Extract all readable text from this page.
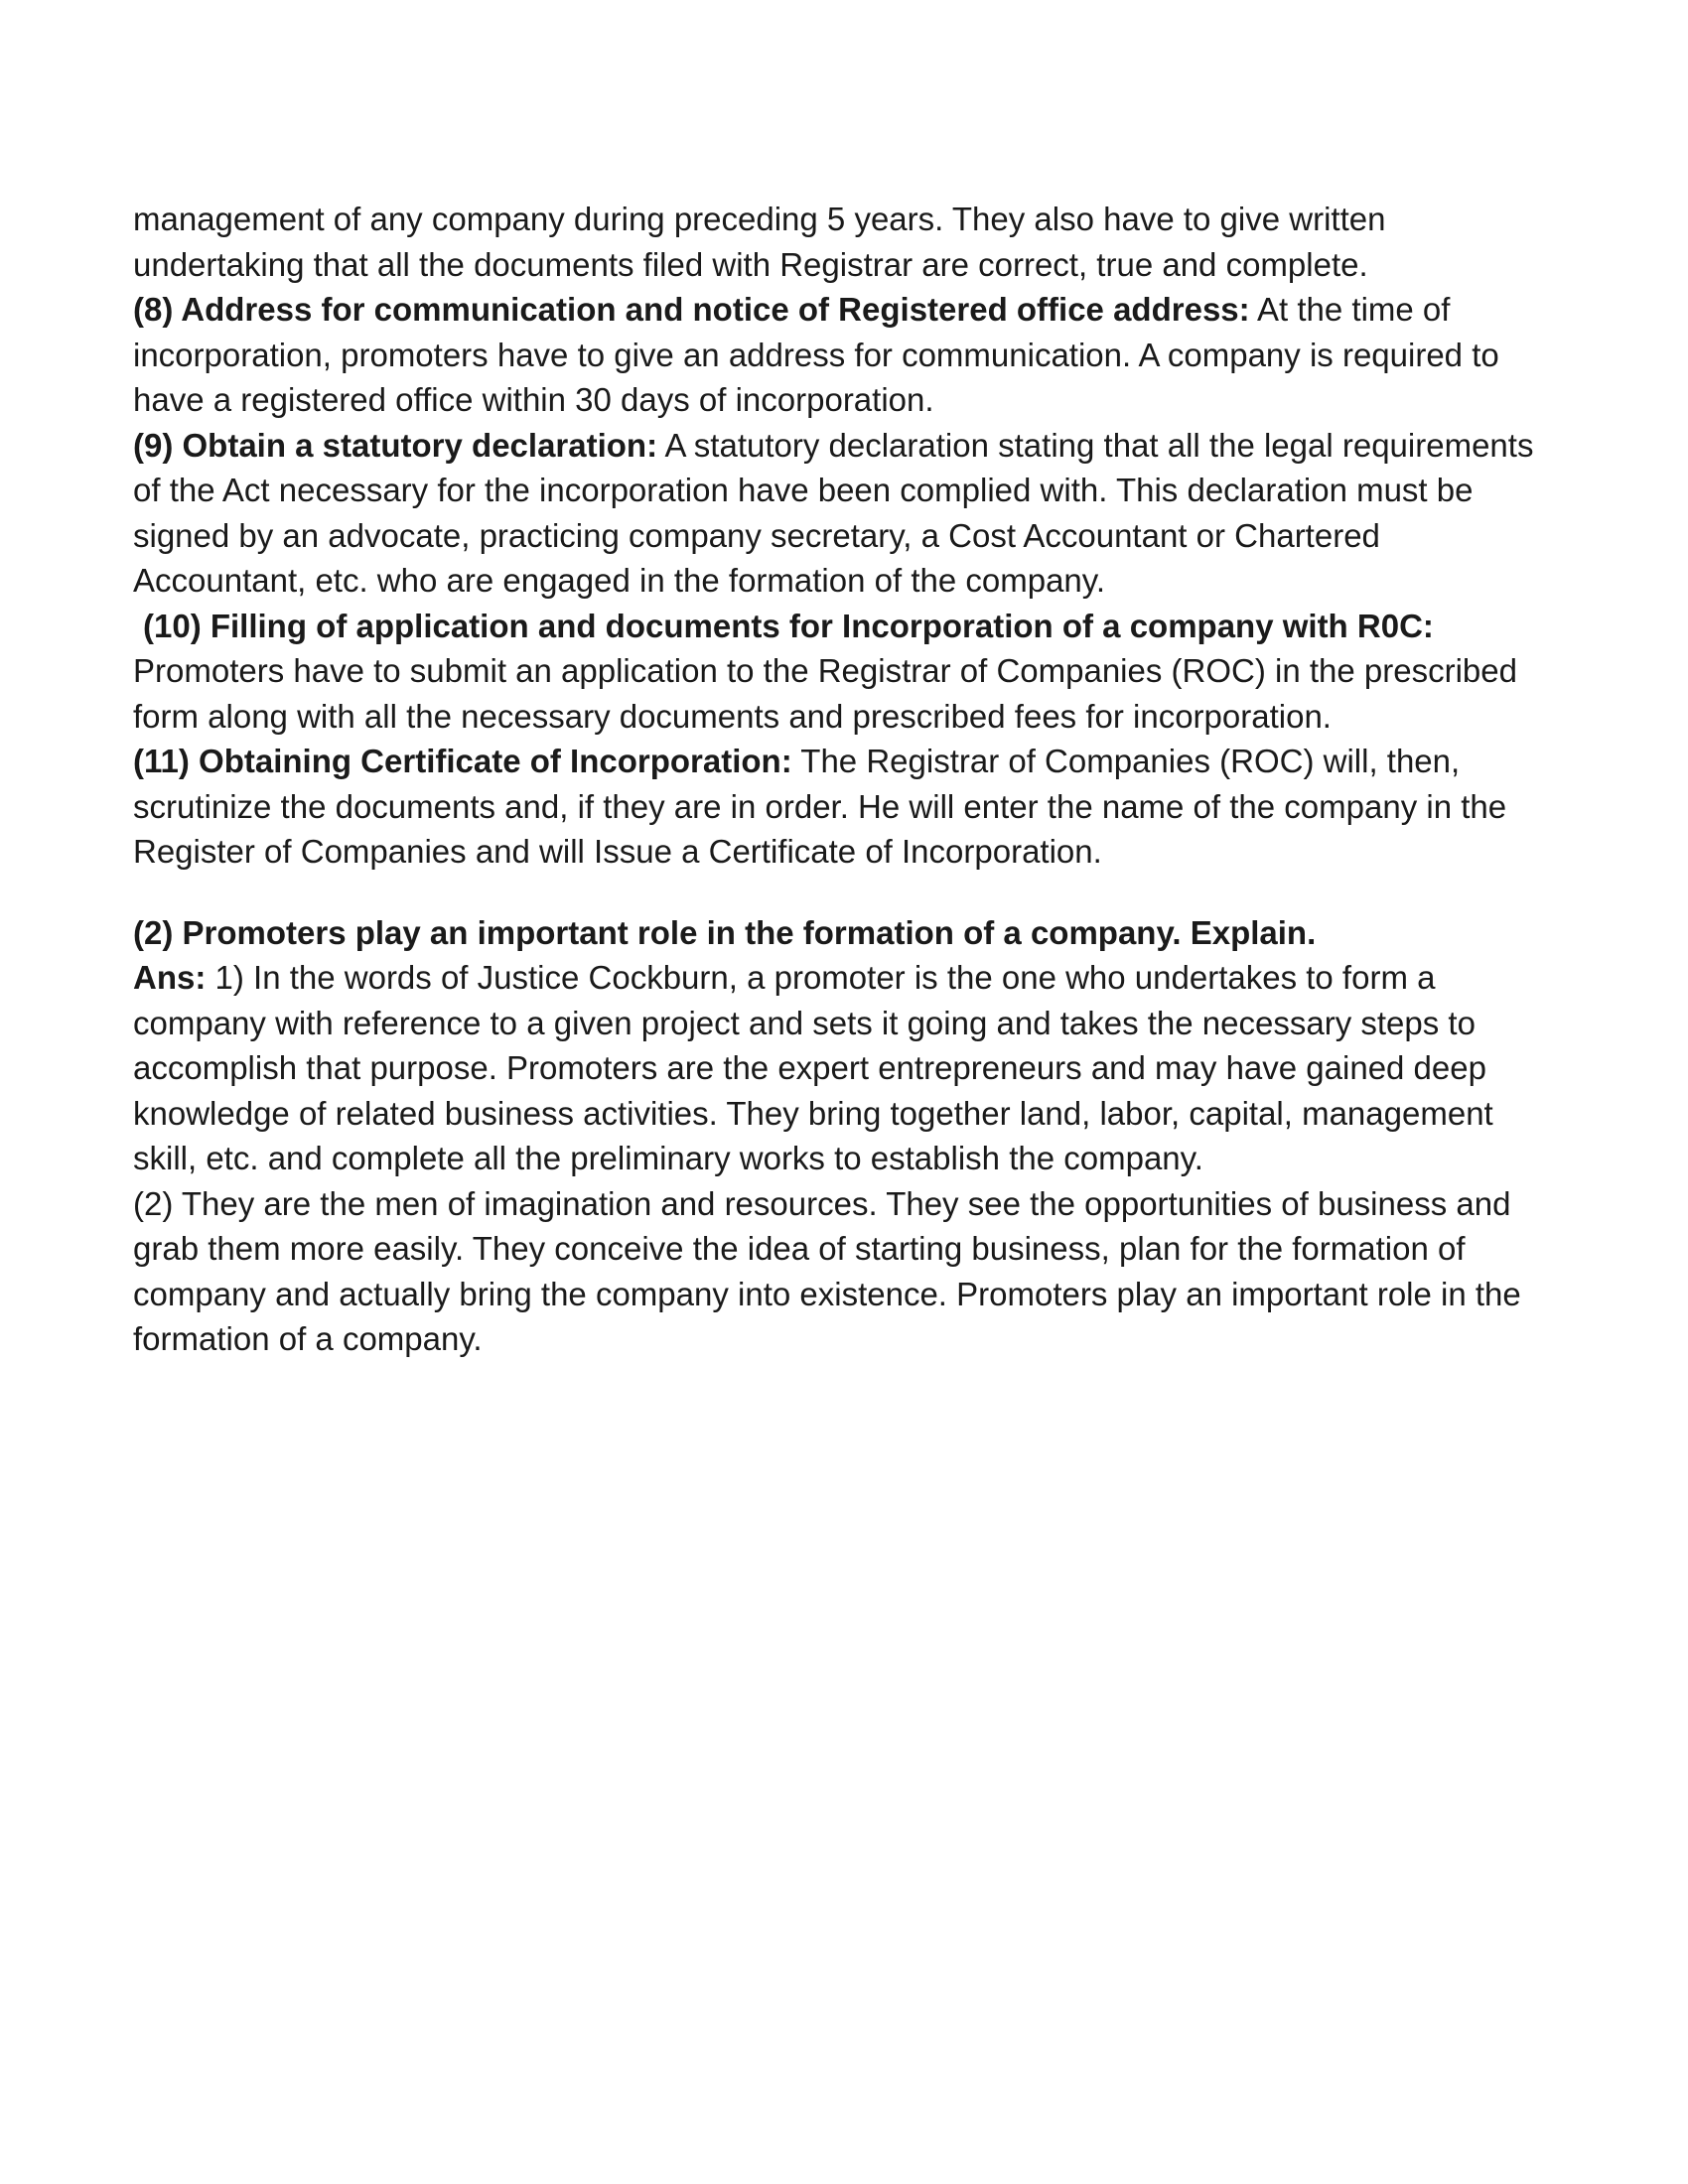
management of any company during preceding 5 years. They also have to give written undertaking that all the documents filed with Registrar are correct, true and complete.

(8) Address for communication and notice of Registered office address: At the time of incorporation, promoters have to give an address for communication. A company is required to have a registered office within 30 days of incorporation.

(9) Obtain a statutory declaration: A statutory declaration stating that all the legal requirements of the Act necessary for the incorporation have been complied with. This declaration must be signed by an advocate, practicing company secretary, a Cost Accountant or Chartered Accountant, etc. who are engaged in the formation of the company.

(10) Filling of application and documents for Incorporation of a company with R0C: Promoters have to submit an application to the Registrar of Companies (ROC) in the prescribed form along with all the necessary documents and prescribed fees for incorporation.

(11) Obtaining Certificate of Incorporation: The Registrar of Companies (ROC) will, then, scrutinize the documents and, if they are in order. He will enter the name of the company in the Register of Companies and will Issue a Certificate of Incorporation.

(2) Promoters play an important role in the formation of a company. Explain.

Ans: 1) In the words of Justice Cockburn, a promoter is the one who undertakes to form a company with reference to a given project and sets it going and takes the necessary steps to accomplish that purpose. Promoters are the expert entrepreneurs and may have gained deep knowledge of related business activities. They bring together land, labor, capital, management skill, etc. and complete all the preliminary works to establish the company.

(2) They are the men of imagination and resources. They see the opportunities of business and grab them more easily. They conceive the idea of starting business, plan for the formation of company and actually bring the company into existence. Promoters play an important role in the formation of a company.
